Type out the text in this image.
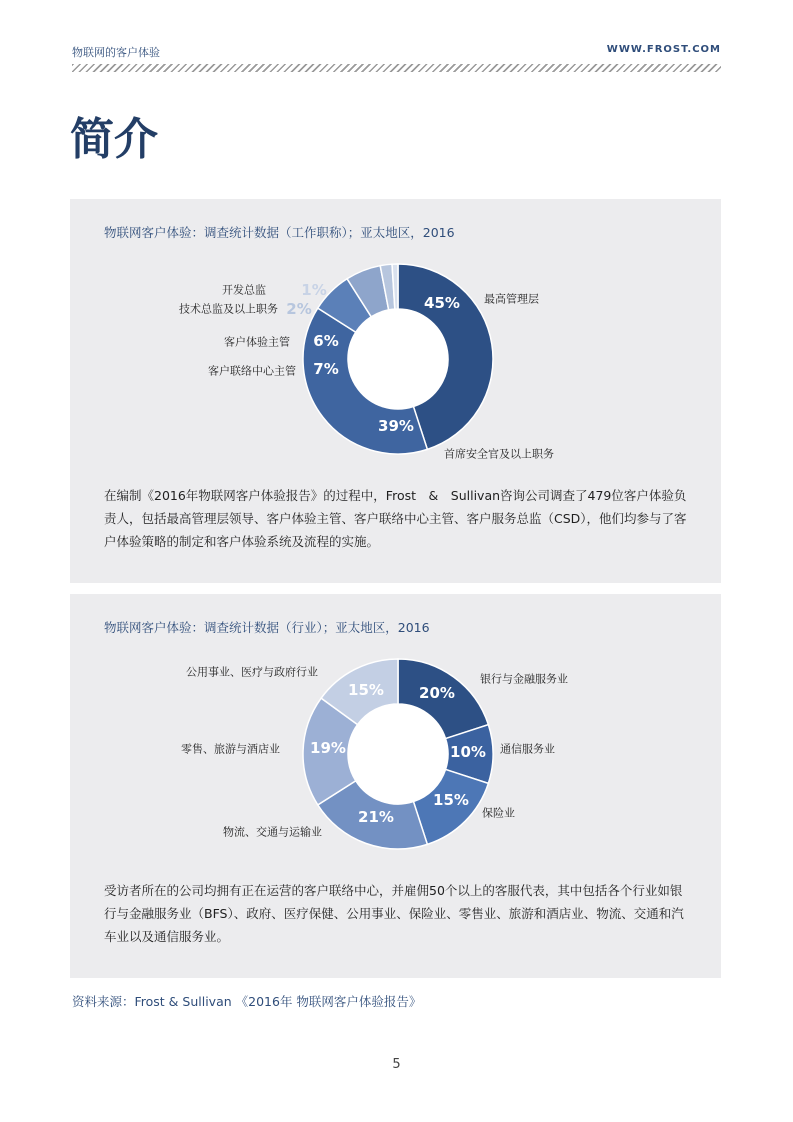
物联网的客户体验	WWW.FROST.COM
简介
物联网客户体验：调查统计数据（工作职称）；亚太地区，2016
45% 最高管理层
39%
首席安全官及以上职务
7%
客户联络中心主管
6%
客户体验主管
2%
技术总监及以上职务
1%
开发总监

在编制《2016年物联网客户体验报告》的过程中，Frost　&　Sullivan咨询公司调查了479位客户体验负责人，包括最高管理层领导、客户体验主管、客户联络中心主管、客户服务总监（CSD），他们均参与了客户体验策略的制定和客户体验系统及流程的实施。

物联网客户体验：调查统计数据（行业）；亚太地区，2016
20%
银行与金融服务业
10% 通信服务业
15%
保险业
21%
物流、交通与运输业
19%
零售、旅游与酒店业
15%
公用事业、医疗与政府行业

受访者所在的公司均拥有正在运营的客户联络中心，并雇佣50个以上的客服代表，其中包括各个行业如银行与金融服务业（BFS）、政府、医疗保健、公用事业、保险业、零售业、旅游和酒店业、物流、交通和汽车业以及通信服务业。

资料来源：Frost & Sullivan 《2016年 物联网客户体验报告》
5
